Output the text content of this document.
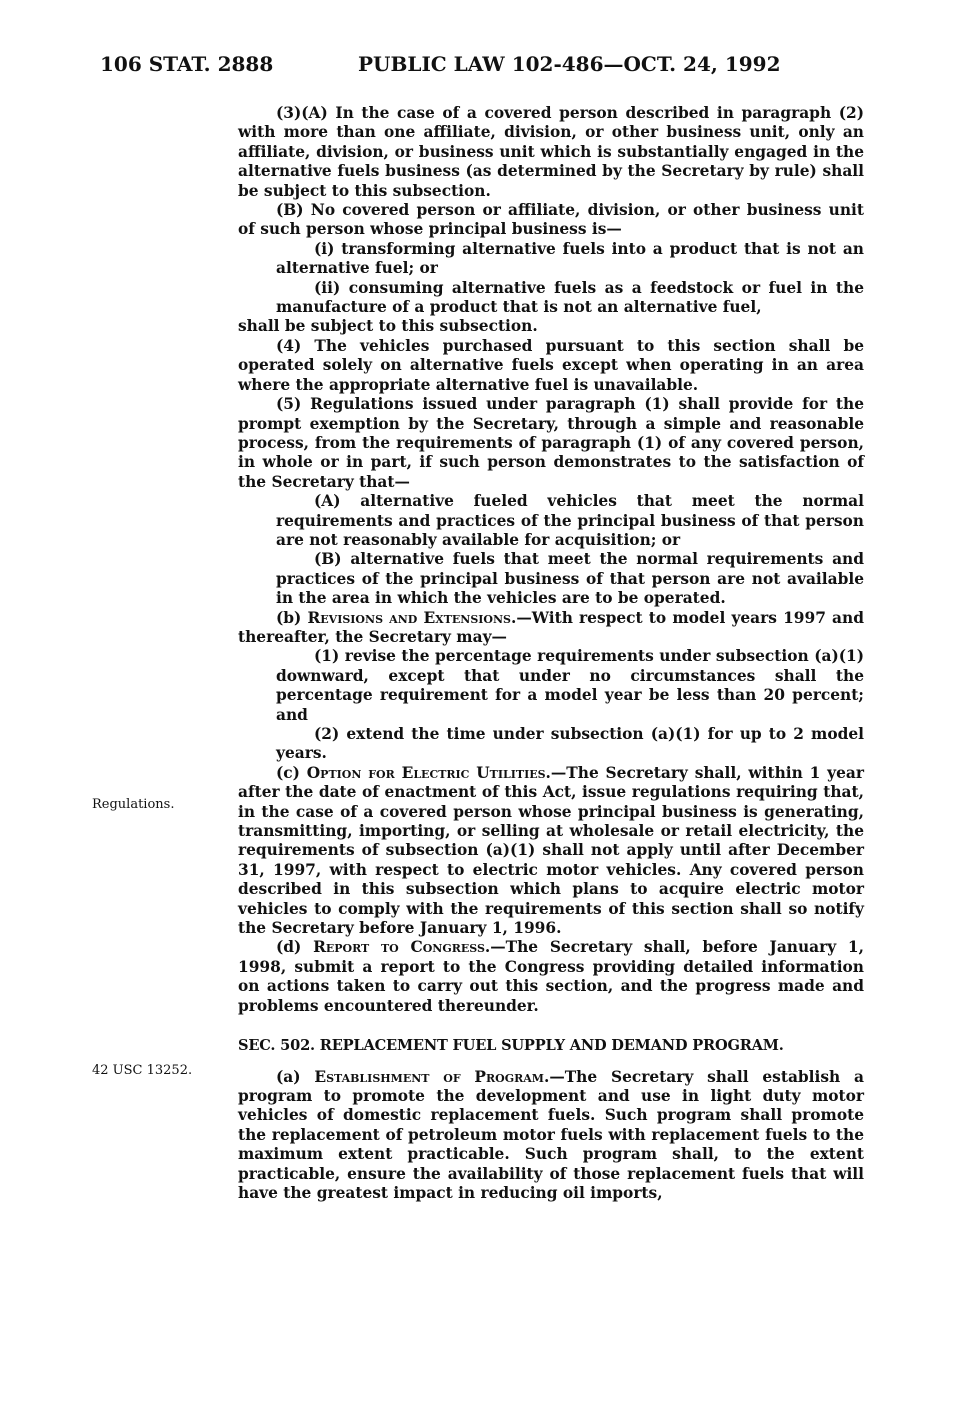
106 STAT. 2888	PUBLIC LAW 102-486—OCT. 24, 1992
Regulations.
42 USC 13252.

(3)(A) In the case of a covered person described in paragraph (2) with more than one affiliate, division, or other business unit, only an affiliate, division, or business unit which is substantially engaged in the alternative fuels business (as determined by the Secretary by rule) shall be subject to this subsection.

(B) No covered person or affiliate, division, or other business unit of such person whose principal business is—

(i) transforming alternative fuels into a product that is not an alternative fuel; or

(ii) consuming alternative fuels as a feedstock or fuel in the manufacture of a product that is not an alternative fuel,

shall be subject to this subsection.

(4) The vehicles purchased pursuant to this section shall be operated solely on alternative fuels except when operating in an area where the appropriate alternative fuel is unavailable.

(5) Regulations issued under paragraph (1) shall provide for the prompt exemption by the Secretary, through a simple and reasonable process, from the requirements of paragraph (1) of any covered person, in whole or in part, if such person demonstrates to the satisfaction of the Secretary that—

(A) alternative fueled vehicles that meet the normal requirements and practices of the principal business of that person are not reasonably available for acquisition; or

(B) alternative fuels that meet the normal requirements and practices of the principal business of that person are not available in the area in which the vehicles are to be operated.

(b) Revisions and Extensions.—With respect to model years 1997 and thereafter, the Secretary may—

(1) revise the percentage requirements under subsection (a)(1) downward, except that under no circumstances shall the percentage requirement for a model year be less than 20 percent; and

(2) extend the time under subsection (a)(1) for up to 2 model years.

(c) Option for Electric Utilities.—The Secretary shall, within 1 year after the date of enactment of this Act, issue regulations requiring that, in the case of a covered person whose principal business is generating, transmitting, importing, or selling at wholesale or retail electricity, the requirements of subsection (a)(1) shall not apply until after December 31, 1997, with respect to electric motor vehicles. Any covered person described in this subsection which plans to acquire electric motor vehicles to comply with the requirements of this section shall so notify the Secretary before January 1, 1996.

(d) Report to Congress.—The Secretary shall, before January 1, 1998, submit a report to the Congress providing detailed information on actions taken to carry out this section, and the progress made and problems encountered thereunder.

SEC. 502. REPLACEMENT FUEL SUPPLY AND DEMAND PROGRAM.

(a) Establishment of Program.—The Secretary shall establish a program to promote the development and use in light duty motor vehicles of domestic replacement fuels. Such program shall promote the replacement of petroleum motor fuels with replacement fuels to the maximum extent practicable. Such program shall, to the extent practicable, ensure the availability of those replacement fuels that will have the greatest impact in reducing oil imports,
